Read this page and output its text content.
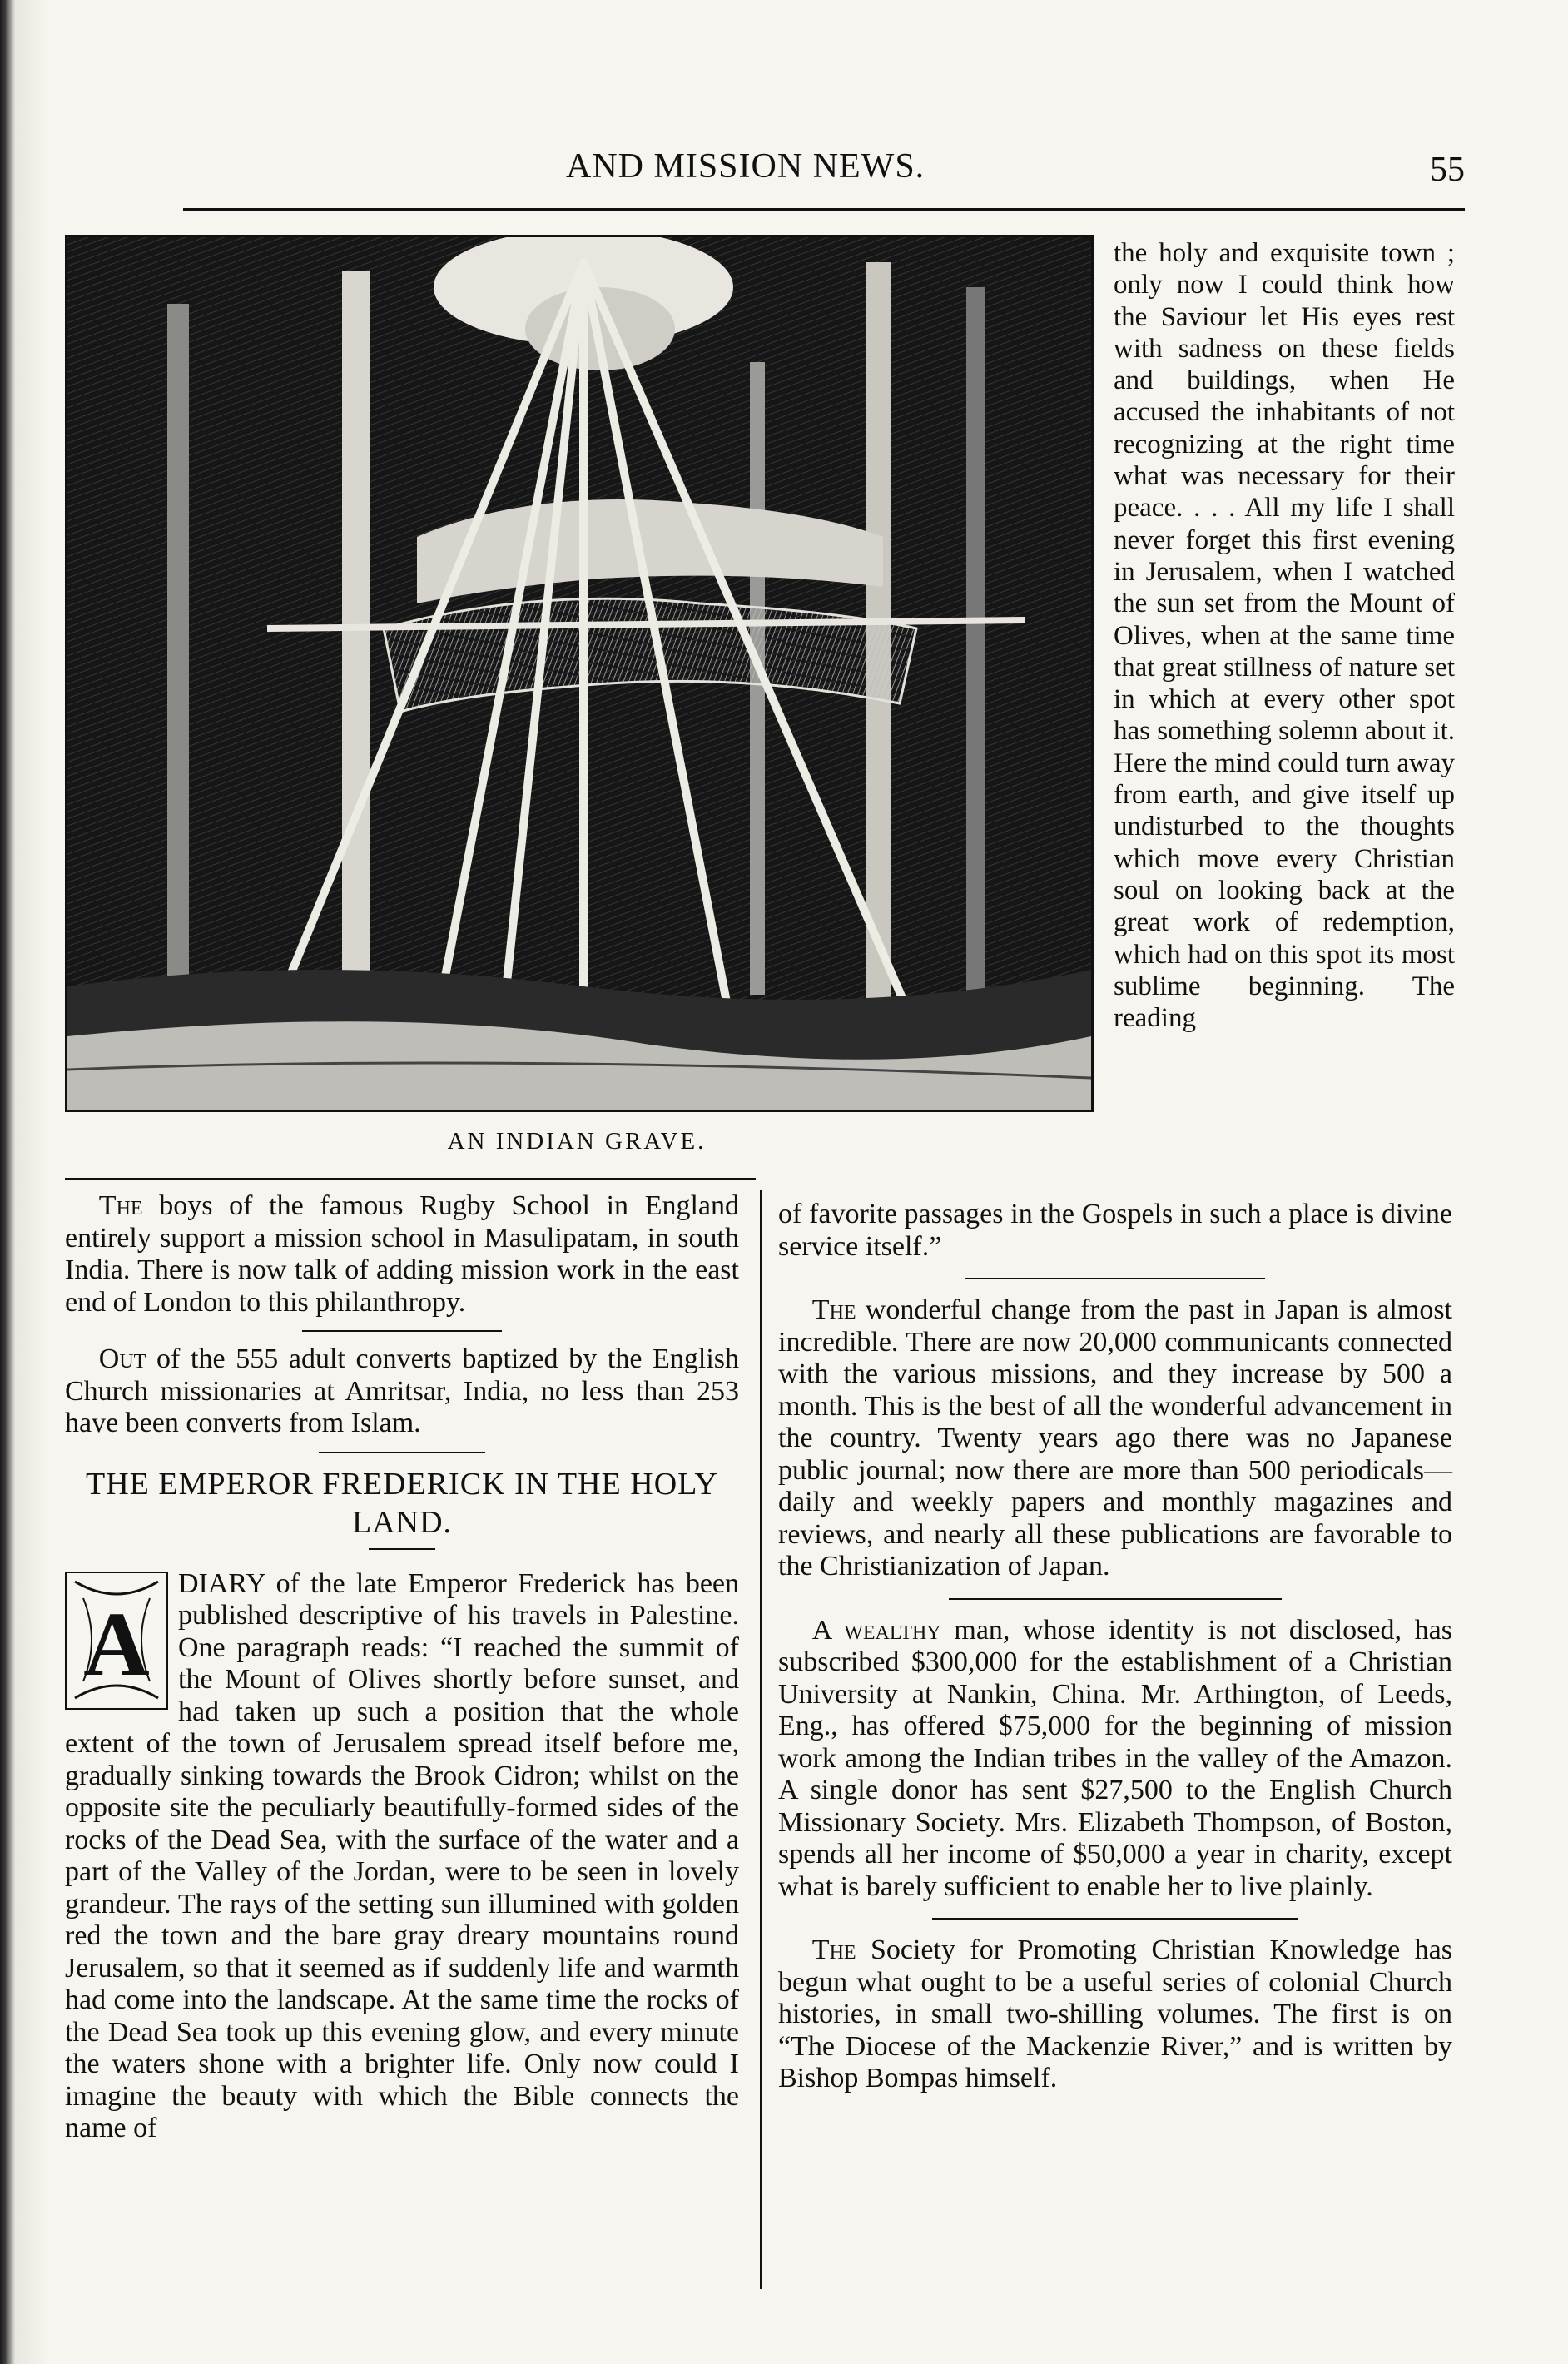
AND MISSION NEWS.	55
AN INDIAN GRAVE.

the holy and exquisite town ; only now I could think how the Saviour let His eyes rest with sadness on these fields and buildings, when He accused the inhabitants of not recognizing at the right time what was necessary for their peace. . . . All my life I shall never forget this first evening in Jerusalem, when I watched the sun set from the Mount of Olives, when at the same time that great stillness of nature set in which at every other spot has something solemn about it. Here the mind could turn away from earth, and give itself up undisturbed to the thoughts which move every Christian soul on looking back at the great work of redemption, which had on this spot its most sublime beginning. The reading

The boys of the famous Rugby School in England entirely support a mission school in Masulipatam, in south India. There is now talk of adding mission work in the east end of London to this philanthropy.

Out of the 555 adult converts baptized by the English Church missionaries at Amritsar, India, no less than 253 have been converts from Islam.

THE EMPEROR FREDERICK IN THE HOLY LAND.

A
DIARY of the late Emperor Frederick has been published descriptive of his travels in Palestine. One paragraph reads: “I reached the summit of the Mount of Olives shortly before sunset, and had taken up such a position that the whole extent of the town of Jerusalem spread itself before me, gradually sinking towards the Brook Cidron; whilst on the opposite site the peculiarly beautifully-formed sides of the rocks of the Dead Sea, with the surface of the water and a part of the Valley of the Jordan, were to be seen in lovely grandeur. The rays of the setting sun illumined with golden red the town and the bare gray dreary mountains round Jerusalem, so that it seemed as if suddenly life and warmth had come into the landscape. At the same time the rocks of the Dead Sea took up this evening glow, and every minute the waters shone with a brighter life. Only now could I imagine the beauty with which the Bible connects the name of

of favorite passages in the Gospels in such a place is divine service itself.”

The wonderful change from the past in Japan is almost incredible. There are now 20,000 communicants connected with the various missions, and they increase by 500 a month. This is the best of all the wonderful advancement in the country. Twenty years ago there was no Japanese public journal; now there are more than 500 periodicals—daily and weekly papers and monthly magazines and reviews, and nearly all these publications are favorable to the Christianization of Japan.

A wealthy man, whose identity is not disclosed, has subscribed $300,000 for the establishment of a Christian University at Nankin, China. Mr. Arthington, of Leeds, Eng., has offered $75,000 for the beginning of mission work among the Indian tribes in the valley of the Amazon. A single donor has sent $27,500 to the English Church Missionary Society. Mrs. Elizabeth Thompson, of Boston, spends all her income of $50,000 a year in charity, except what is barely sufficient to enable her to live plainly.

The Society for Promoting Christian Knowledge has begun what ought to be a useful series of colonial Church histories, in small two-shilling volumes. The first is on “The Diocese of the Mackenzie River,” and is written by Bishop Bompas himself.
